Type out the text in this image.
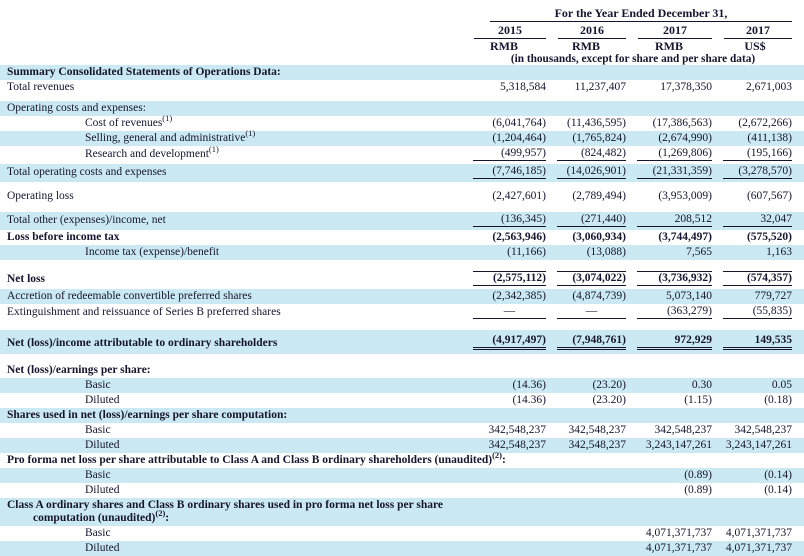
	For the Year Ended December 31,			

	2015	2016	2017	2017

	RMB	RMB	RMB	US$

	(in thousands, except for share and per share data)			
Summary Consolidated Statements of Operations Data:				
Total revenues	5,318,584	11,237,407	17,378,350	2,671,003

Operating costs and expenses:				
Cost of revenues$^{(1)}$	(6,041,764)	(11,436,595)	(17,386,563)	(2,672,266)

Selling, general and administrative$^{(1)}$	(1,204,464)	(1,765,824)	(2,674,990)	(411,138)

Research and development$^{(1)}$	(499,957)	(824,482)	(1,269,806)	(195,166)

Total operating costs and expenses	(7,746,185)	(14,026,901)	(21,331,359)	(3,278,570)

Operating loss	(2,427,601)	(2,789,494)	(3,953,009)	(607,567)

Total other (expenses)/income, net	(136,345)	(271,440)	208,512	32,047

Loss before income tax	(2,563,946)	(3,060,934)	(3,744,497)	(575,520)

Income tax (expense)/benefit	(11,166)	(13,088)	7,565	1,163

Net loss	(2,575,112)	(3,074,022)	(3,736,932)	(574,357)

Accretion of redeemable convertible preferred shares	(2,342,385)	(4,874,739)	5,073,140	779,727

Extinguishment and reissuance of Series B preferred shares	—	—	(363,279)	(55,835)

Net (loss)/income attributable to ordinary shareholders	(4,917,497)	(7,948,761)	972,929	149,535

Net (loss)/earnings per share:				
Basic	(14.36)	(23.20)	0.30	0.05

Diluted	(14.36)	(23.20)	(1.15)	(0.18)

Shares used in net (loss)/earnings per share computation:				
Basic	342,548,237	342,548,237	342,548,237	342,548,237

Diluted	342,548,237	342,548,237	3,243,147,261	3,243,147,261

Pro forma net loss per share attributable to Class A and Class B ordinary shareholders (unaudited)$^{(2)}$:				
Basic			(0.89)	(0.14)

Diluted			(0.89)	(0.14)

Class A ordinary shares and Class B ordinary shares used in pro forma net loss per share
computation (unaudited)$^{(2)}$:				
Basic			4,071,371,737	4,071,371,737

Diluted			4,071,371,737	4,071,371,737
